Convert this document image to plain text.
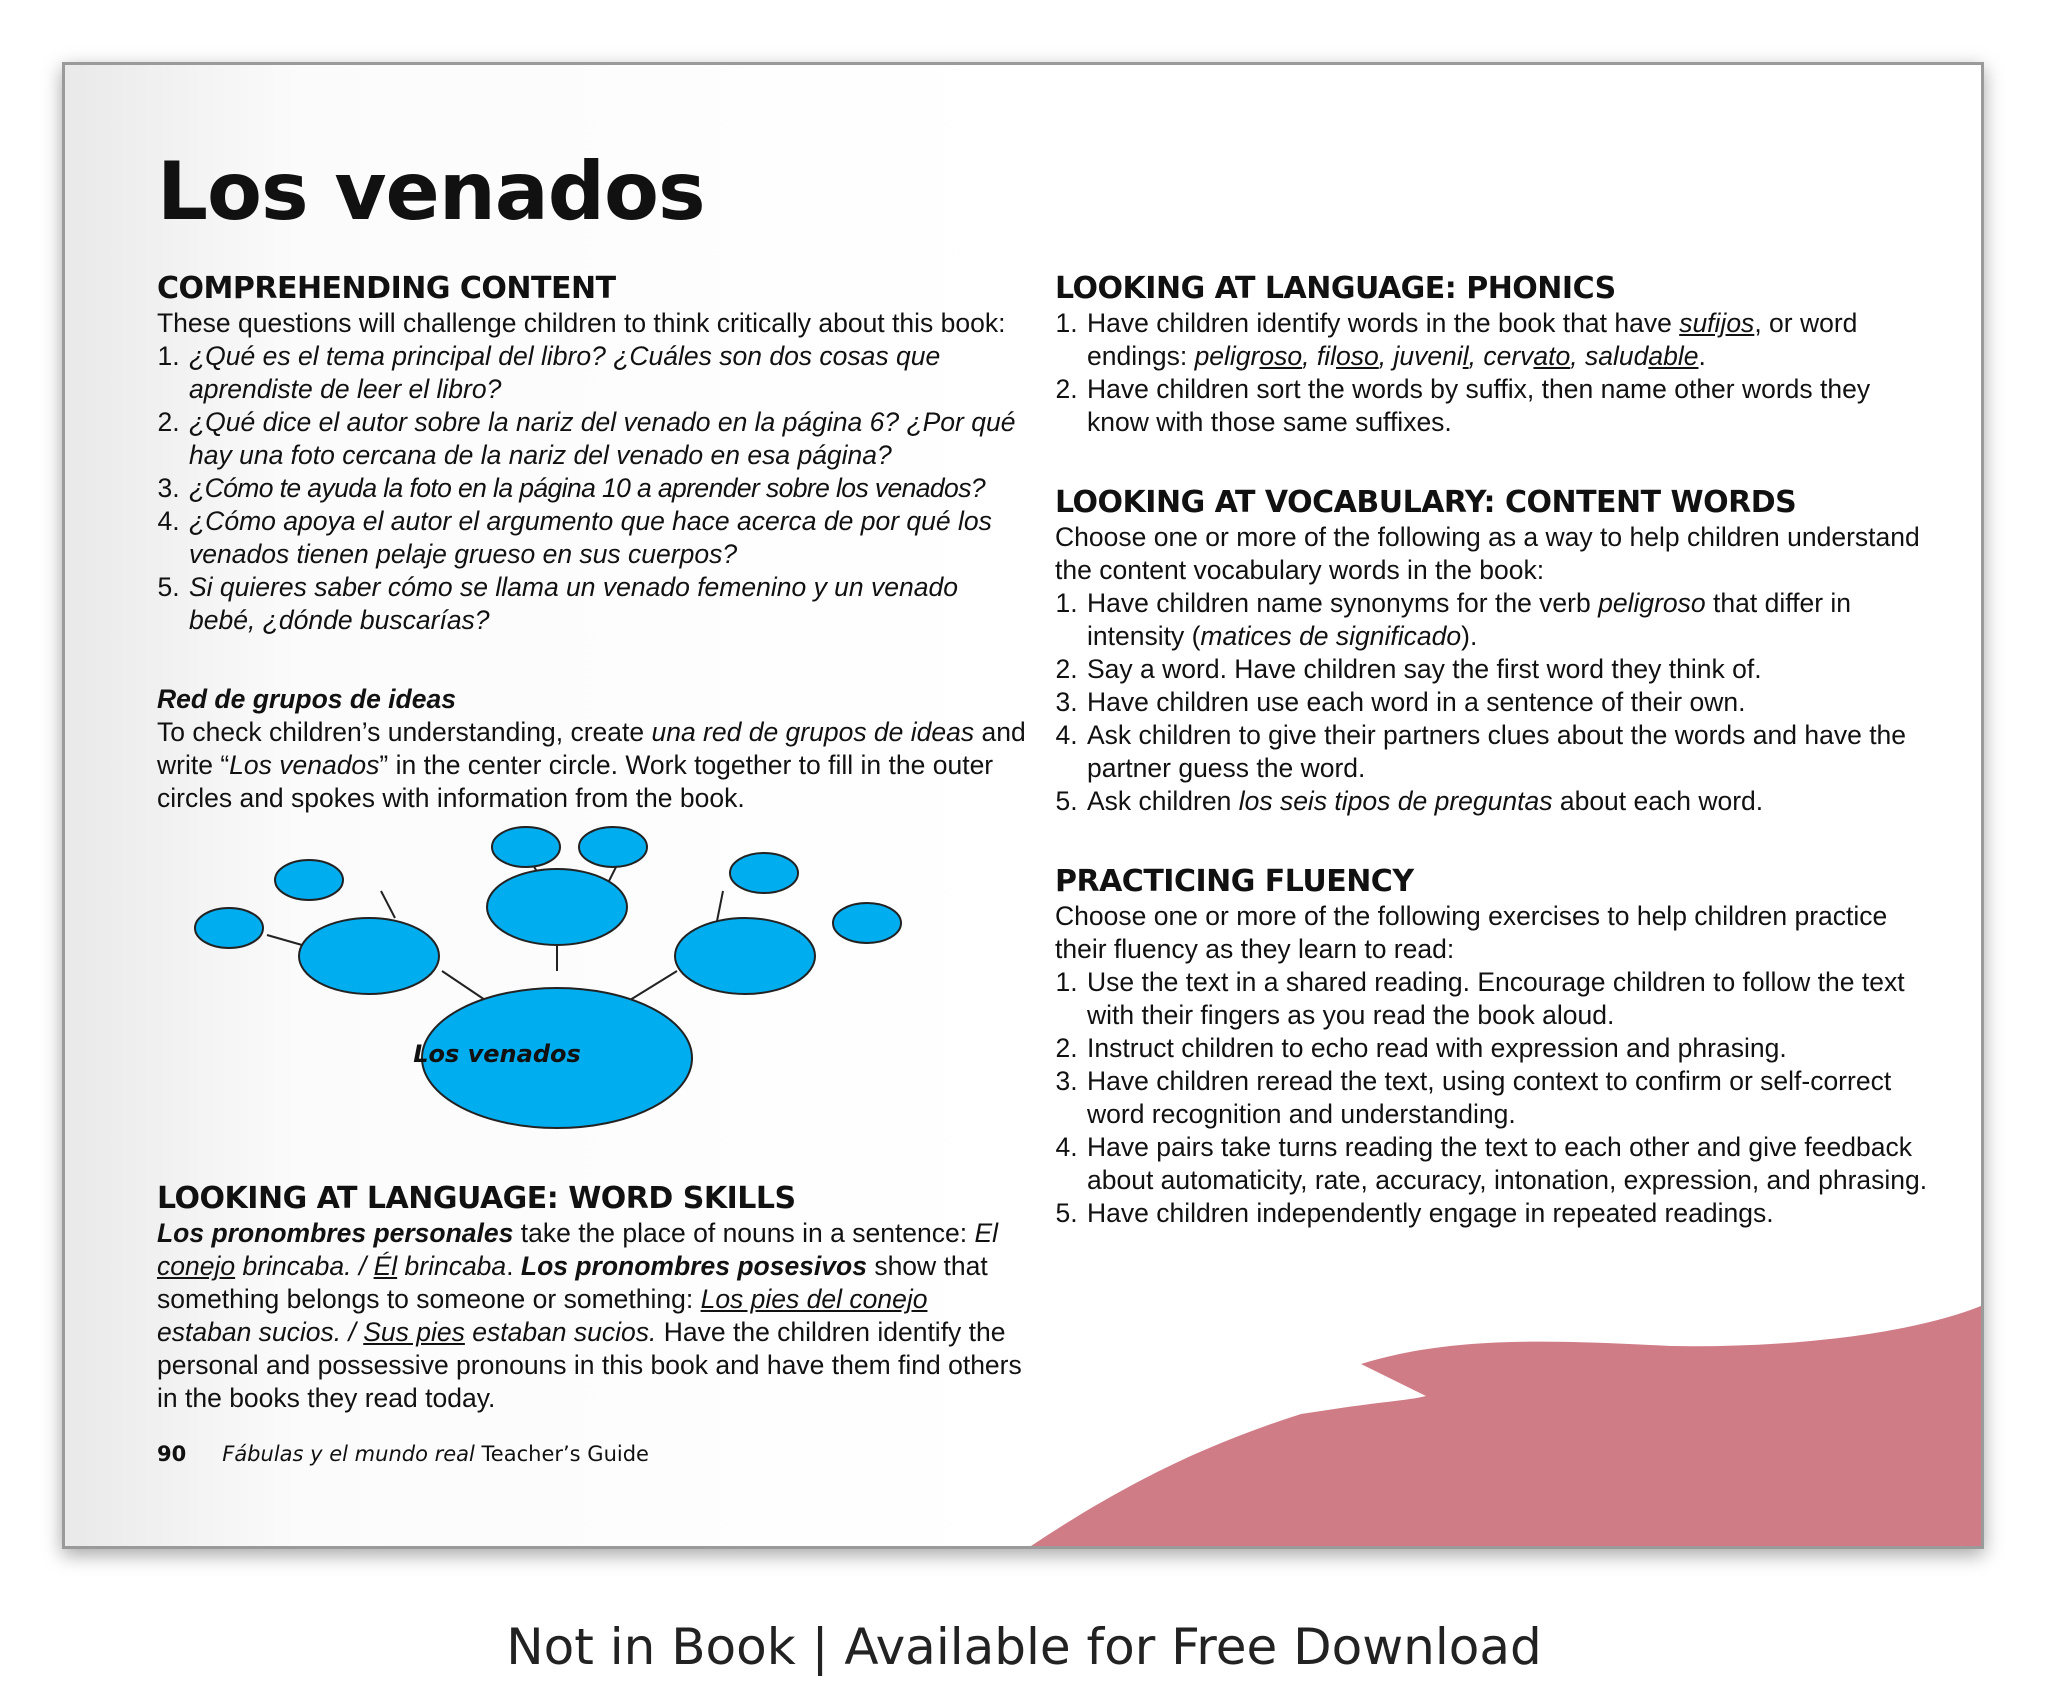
Los venados
COMPREHENDING CONTENT

These questions will challenge children to think critically about this book:

1. ¿Qué es el tema principal del libro? ¿Cuáles son dos cosas que aprendiste de leer el libro?
2. ¿Qué dice el autor sobre la nariz del venado en la página 6? ¿Por qué hay una foto cercana de la nariz del venado en esa página?
3. ¿Cómo te ayuda la foto en la página 10 a aprender sobre los venados?
4. ¿Cómo apoya el autor el argumento que hace acerca de por qué los venados tienen pelaje grueso en sus cuerpos?
5. Si quieres saber cómo se llama un venado femenino y un venado bebé, ¿dónde buscarías?

Red de grupos de ideas

To check children’s understanding, create una red de grupos de ideas and write “Los venados” in the center circle. Work together to fill in the outer circles and spokes with information from the book.

Los venados
LOOKING AT LANGUAGE: WORD SKILLS

Los pronombres personales take the place of nouns in a sentence: El conejo brincaba. / Él brincaba. Los pronombres posesivos show that something belongs to someone or something: Los pies del conejo estaban sucios. / Sus pies estaban sucios. Have the children identify the personal and possessive pronouns in this book and have them find others in the books they read today.

LOOKING AT LANGUAGE: PHONICS
1. Have children identify words in the book that have sufijos, or word endings: peligroso, filoso, juvenil, cervato, saludable.
2. Have children sort the words by suffix, then name other words they know with those same suffixes.
LOOKING AT VOCABULARY: CONTENT WORDS

Choose one or more of the following as a way to help children understand the content vocabulary words in the book:

1. Have children name synonyms for the verb peligroso that differ in intensity (matices de significado).
2. Say a word. Have children say the first word they think of.
3. Have children use each word in a sentence of their own.
4. Ask children to give their partners clues about the words and have the partner guess the word.
5. Ask children los seis tipos de preguntas about each word.
PRACTICING FLUENCY

Choose one or more of the following exercises to help children practice their fluency as they learn to read:

1. Use the text in a shared reading. Encourage children to follow the text with their fingers as you read the book aloud.
2. Instruct children to echo read with expression and phrasing.
3. Have children reread the text, using context to confirm or self-correct word recognition and understanding.
4. Have pairs take turns reading the text to each other and give feedback about automaticity, rate, accuracy, intonation, expression, and phrasing.
5. Have children independently engage in repeated readings.
90 Fábulas y el mundo real Teacher’s Guide
Not in Book | Available for Free Download
